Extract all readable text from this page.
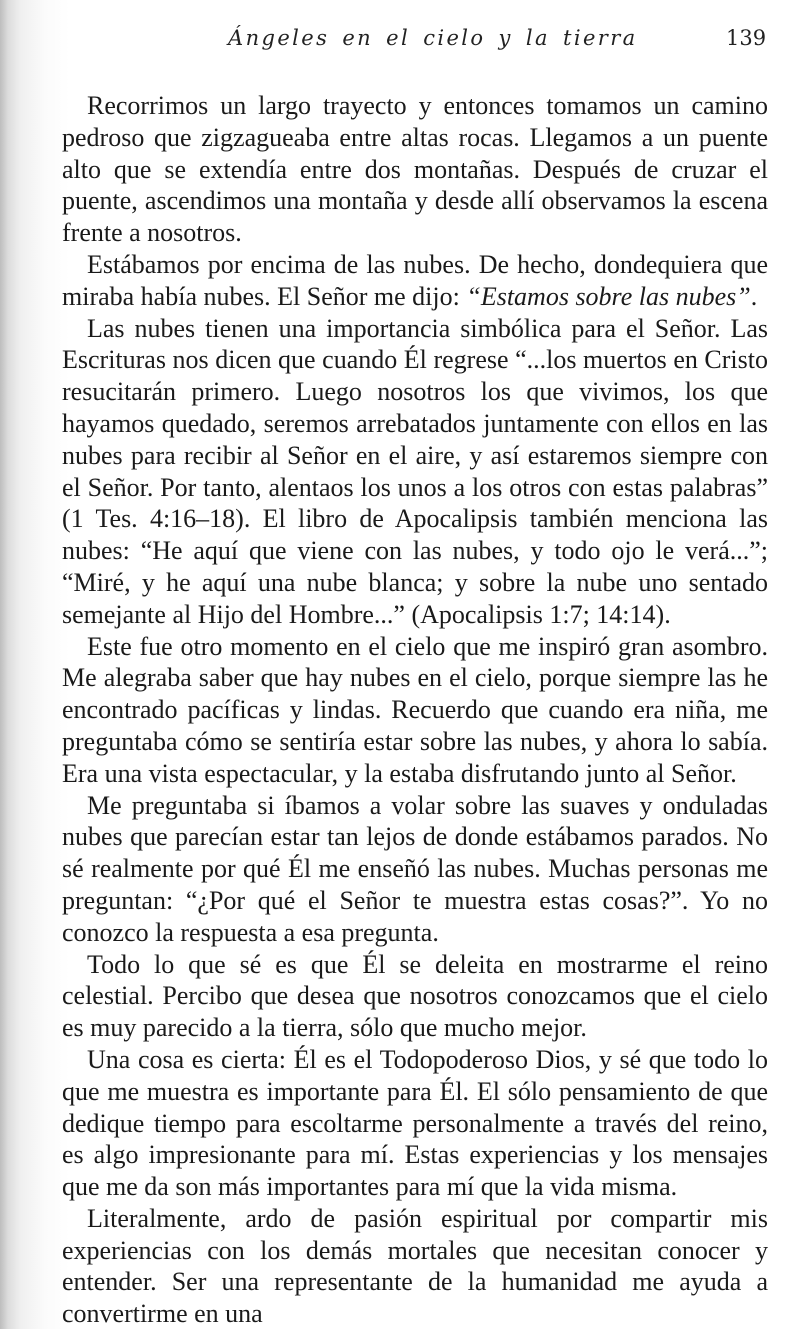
Ángeles en el cielo y la tierra	139

Recorrimos un largo trayecto y entonces tomamos un camino pedroso que zigzagueaba entre altas rocas. Llegamos a un puente alto que se extendía entre dos montañas. Después de cruzar el puente, ascendimos una montaña y desde allí observamos la escena frente a nosotros.

Estábamos por encima de las nubes. De hecho, dondequiera que miraba había nubes. El Señor me dijo: “Estamos sobre las nubes”.

Las nubes tienen una importancia simbólica para el Señor. Las Escrituras nos dicen que cuando Él regrese “...los muertos en Cristo resucitarán primero. Luego nosotros los que vivimos, los que hayamos quedado, seremos arrebatados juntamente con ellos en las nubes para recibir al Señor en el aire, y así estaremos siempre con el Señor. Por tanto, alentaos los unos a los otros con estas palabras” (1 Tes. 4:16–18). El libro de Apocalipsis también menciona las nubes: “He aquí que viene con las nubes, y todo ojo le verá...”; “Miré, y he aquí una nube blanca; y sobre la nube uno sentado semejante al Hijo del Hombre...” (Apocalipsis 1:7; 14:14).

Este fue otro momento en el cielo que me inspiró gran asombro. Me alegraba saber que hay nubes en el cielo, porque siempre las he encontrado pacíficas y lindas. Recuerdo que cuando era niña, me preguntaba cómo se sentiría estar sobre las nubes, y ahora lo sabía. Era una vista espectacular, y la estaba disfrutando junto al Señor.

Me preguntaba si íbamos a volar sobre las suaves y onduladas nubes que parecían estar tan lejos de donde estábamos parados. No sé realmente por qué Él me enseñó las nubes. Muchas personas me preguntan: “¿Por qué el Señor te muestra estas cosas?”. Yo no conozco la respuesta a esa pregunta.

Todo lo que sé es que Él se deleita en mostrarme el reino celestial. Percibo que desea que nosotros conozcamos que el cielo es muy parecido a la tierra, sólo que mucho mejor.

Una cosa es cierta: Él es el Todopoderoso Dios, y sé que todo lo que me muestra es importante para Él. El sólo pensamiento de que dedique tiempo para escoltarme personalmente a través del reino, es algo impresionante para mí. Estas experiencias y los mensajes que me da son más importantes para mí que la vida misma.

Literalmente, ardo de pasión espiritual por compartir mis experiencias con los demás mortales que necesitan conocer y entender. Ser una representante de la humanidad me ayuda a convertirme en una
